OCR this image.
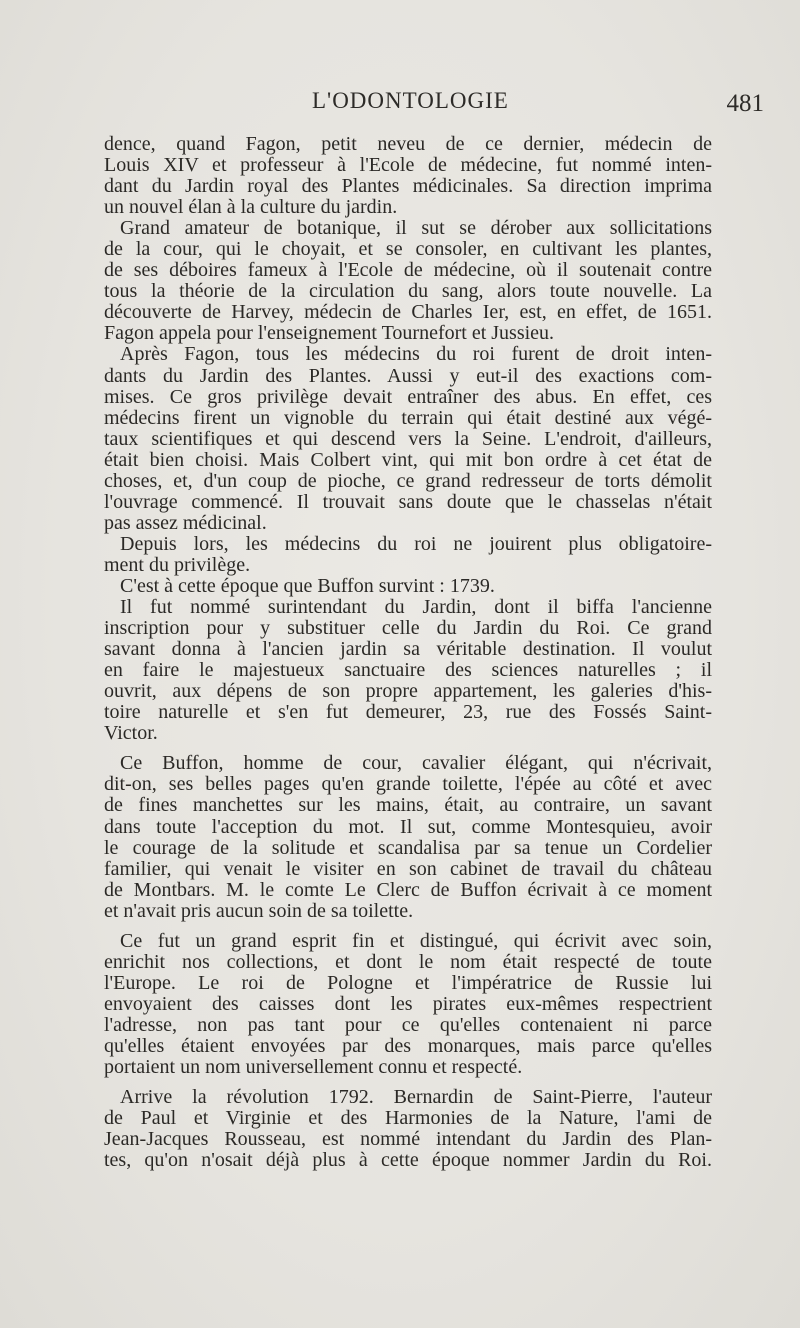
L'ODONTOLOGIE	481
dence, quand Fagon, petit neveu de ce dernier, médecin de
Louis XIV et professeur à l'Ecole de médecine, fut nommé inten-
dant du Jardin royal des Plantes médicinales. Sa direction imprima
un nouvel élan à la culture du jardin.
Grand amateur de botanique, il sut se dérober aux sollicitations
de la cour, qui le choyait, et se consoler, en cultivant les plantes,
de ses déboires fameux à l'Ecole de médecine, où il soutenait contre
tous la théorie de la circulation du sang, alors toute nouvelle. La
découverte de Harvey, médecin de Charles Ier, est, en effet, de 1651.
Fagon appela pour l'enseignement Tournefort et Jussieu.
Après Fagon, tous les médecins du roi furent de droit inten-
dants du Jardin des Plantes. Aussi y eut-il des exactions com-
mises. Ce gros privilège devait entraîner des abus. En effet, ces
médecins firent un vignoble du terrain qui était destiné aux végé-
taux scientifiques et qui descend vers la Seine. L'endroit, d'ailleurs,
était bien choisi. Mais Colbert vint, qui mit bon ordre à cet état de
choses, et, d'un coup de pioche, ce grand redresseur de torts démolit
l'ouvrage commencé. Il trouvait sans doute que le chasselas n'était
pas assez médicinal.
Depuis lors, les médecins du roi ne jouirent plus obligatoire-
ment du privilège.
C'est à cette époque que Buffon survint : 1739.
Il fut nommé surintendant du Jardin, dont il biffa l'ancienne
inscription pour y substituer celle du Jardin du Roi. Ce grand
savant donna à l'ancien jardin sa véritable destination. Il voulut
en faire le majestueux sanctuaire des sciences naturelles ; il
ouvrit, aux dépens de son propre appartement, les galeries d'his-
toire naturelle et s'en fut demeurer, 23, rue des Fossés Saint-
Victor.
Ce Buffon, homme de cour, cavalier élégant, qui n'écrivait,
dit-on, ses belles pages qu'en grande toilette, l'épée au côté et avec
de fines manchettes sur les mains, était, au contraire, un savant
dans toute l'acception du mot. Il sut, comme Montesquieu, avoir
le courage de la solitude et scandalisa par sa tenue un Cordelier
familier, qui venait le visiter en son cabinet de travail du château
de Montbars. M. le comte Le Clerc de Buffon écrivait à ce moment
et n'avait pris aucun soin de sa toilette.
Ce fut un grand esprit fin et distingué, qui écrivit avec soin,
enrichit nos collections, et dont le nom était respecté de toute
l'Europe. Le roi de Pologne et l'impératrice de Russie lui
envoyaient des caisses dont les pirates eux-mêmes respectrient
l'adresse, non pas tant pour ce qu'elles contenaient ni parce
qu'elles étaient envoyées par des monarques, mais parce qu'elles
portaient un nom universellement connu et respecté.
Arrive la révolution 1792. Bernardin de Saint-Pierre, l'auteur
de Paul et Virginie et des Harmonies de la Nature, l'ami de
Jean-Jacques Rousseau, est nommé intendant du Jardin des Plan-
tes, qu'on n'osait déjà plus à cette époque nommer Jardin du Roi.
